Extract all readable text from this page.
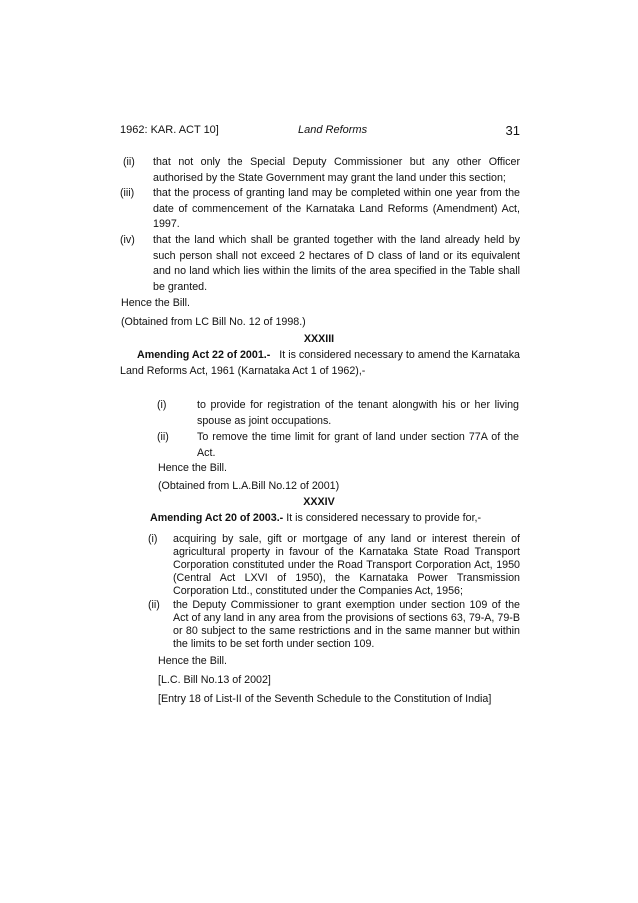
1962: KAR. ACT 10]	Land Reforms	31
(ii) that not only the Special Deputy Commissioner but any other Officer authorised by the State Government may grant the land under this section;
(iii) that the process of granting land may be completed within one year from the date of commencement of the Karnataka Land Reforms (Amendment) Act, 1997.
(iv) that the land which shall be granted together with the land already held by such person shall not exceed 2 hectares of D class of land or its equivalent and no land which lies within the limits of the area specified in the Table shall be granted.
Hence the Bill.
(Obtained from LC Bill No. 12 of 1998.)
XXXIII
Amending Act 22 of 2001.- It is considered necessary to amend the Karnataka Land Reforms Act, 1961 (Karnataka Act 1 of 1962),-
(i)	to provide for registration of the tenant alongwith his or her living spouse as joint occupations.
(ii)	To remove the time limit for grant of land under section 77A of the Act.
Hence the Bill.
(Obtained from L.A.Bill No.12 of 2001)
XXXIV
Amending Act 20 of 2003.- It is considered necessary to provide for,-
(i) acquiring by sale, gift or mortgage of any land or interest therein of agricultural property in favour of the Karnataka State Road Transport Corporation constituted under the Road Transport Corporation Act, 1950 (Central Act LXVI of 1950), the Karnataka Power Transmission Corporation Ltd., constituted under the Companies Act, 1956;
(ii) the Deputy Commissioner to grant exemption under section 109 of the Act of any land in any area from the provisions of sections 63, 79-A, 79-B or 80 subject to the same restrictions and in the same manner but within the limits to be set forth under section 109.
Hence the Bill.
[L.C. Bill No.13 of 2002]
[Entry 18 of List-II of the Seventh Schedule to the Constitution of India]
